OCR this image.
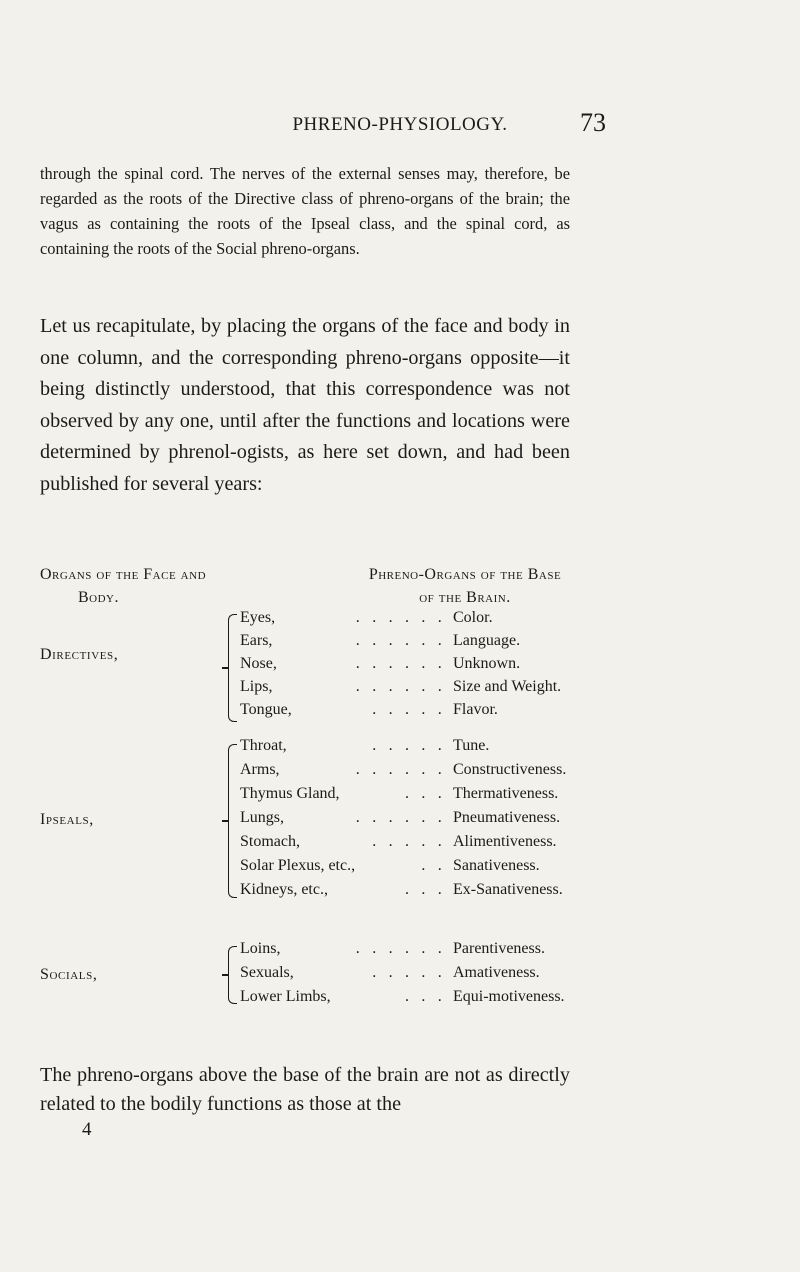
PHRENO-PHYSIOLOGY.	73

through the spinal cord. The nerves of the external senses may, therefore, be regarded as the roots of the Directive class of phreno-organs of the brain; the vagus as containing the roots of the Ipseal class, and the spinal cord, as containing the roots of the Social phreno-organs.

Let us recapitulate, by placing the organs of the face and body in one column, and the corresponding phreno-organs opposite—it being distinctly understood, that this correspondence was not observed by any one, until after the functions and locations were determined by phrenol-ogists, as here set down, and had been published for several years:

Organs of the Face and
Body.
Phreno-Organs of the Base
of the Brain.
Directives,
Eyes,	. . . . . . Color.
Ears,	. . . . . . Language.
Nose,	. . . . . . Unknown.
Lips,	. . . . . . Size and Weight.
Tongue,	. . . . . Flavor.
Ipseals,
Throat,	. . . . . Tune.
Arms,	. . . . . . Constructiveness.
Thymus Gland,	. . . Thermativeness.
Lungs,	. . . . . . Pneumativeness.
Stomach,	. . . . . Alimentiveness.
Solar Plexus, etc.,	. . Sanativeness.
Kidneys, etc.,	. . . Ex-Sanativeness.
Socials,
Loins,	. . . . . . Parentiveness.
Sexuals,	. . . . . Amativeness.
Lower Limbs,	. . . Equi-motiveness.

The phreno-organs above the base of the brain are not as directly related to the bodily functions as those at the

4
